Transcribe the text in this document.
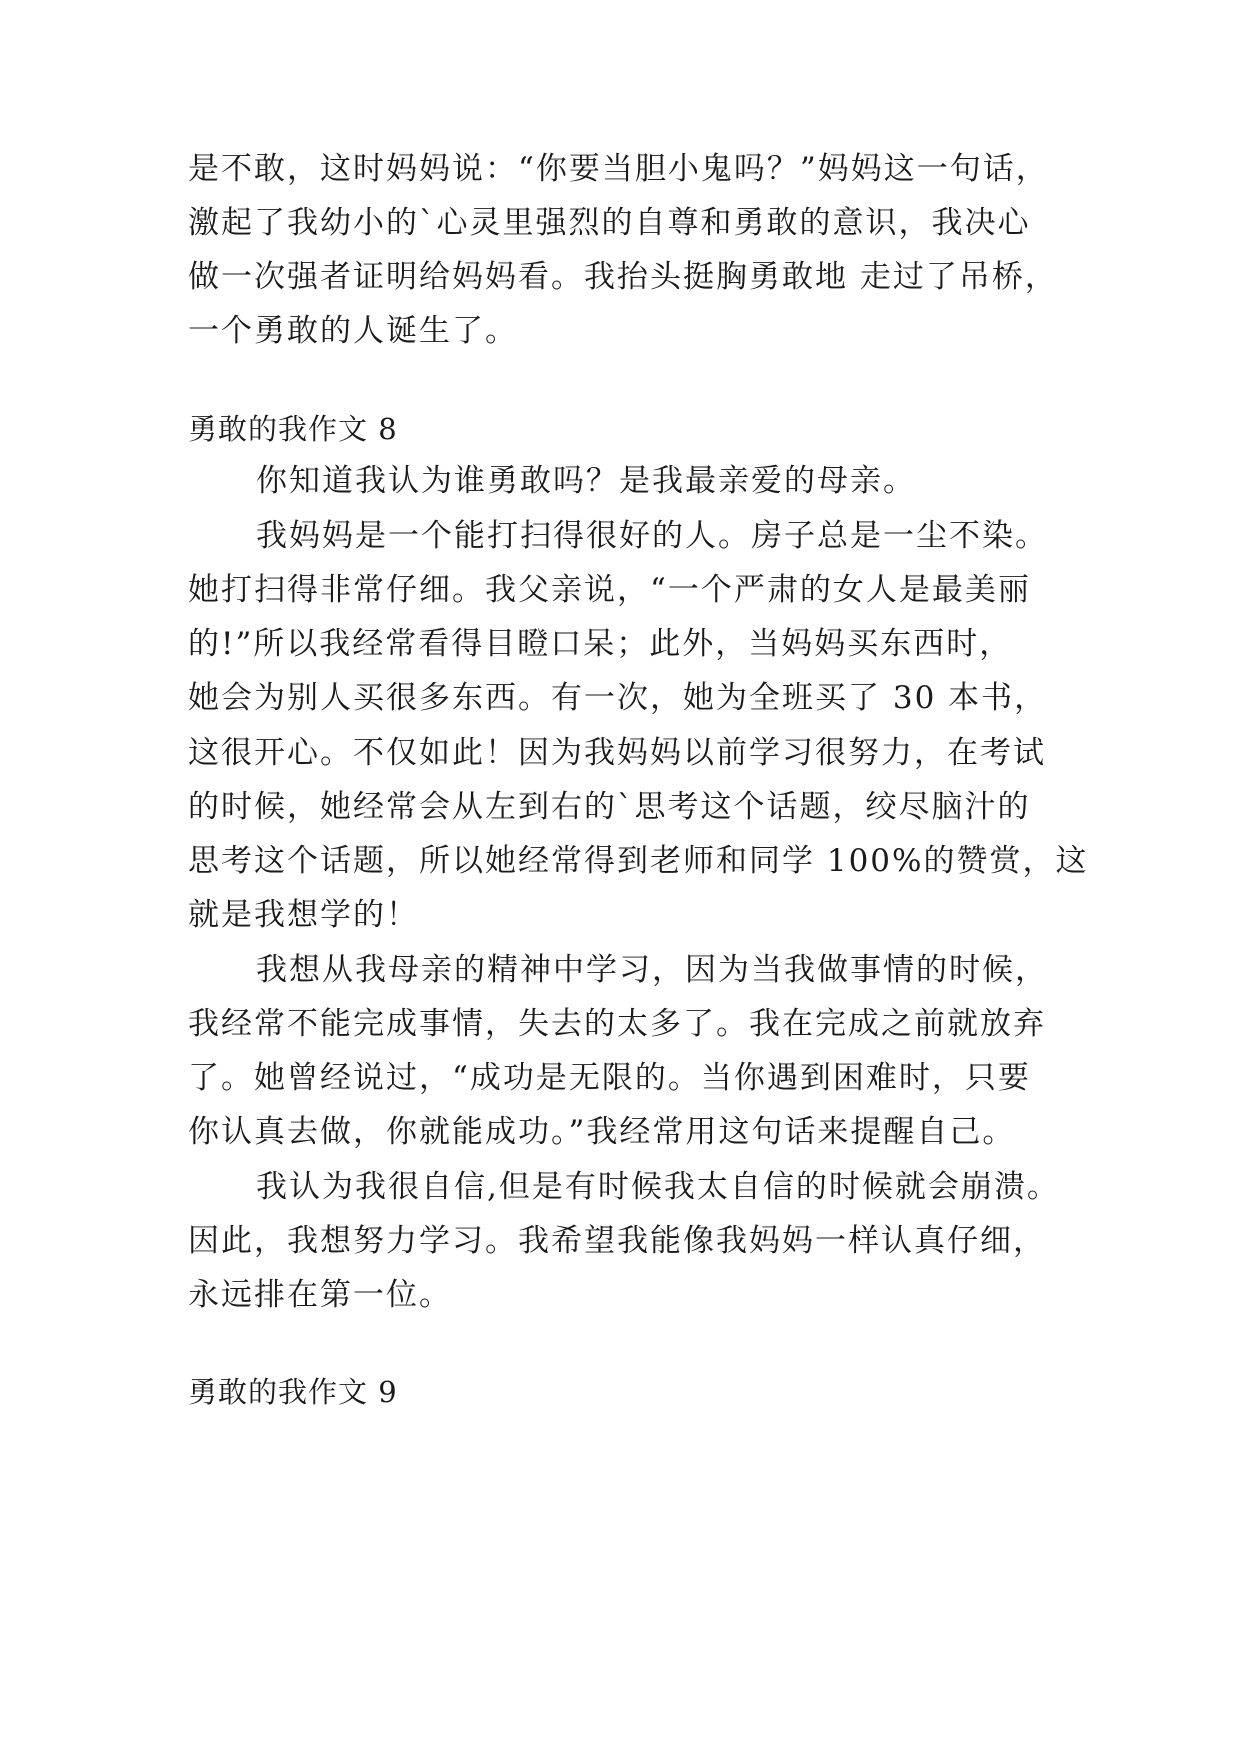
是不敢，这时妈妈说：“你要当胆小鬼吗？”妈妈这一句话，
激起了我幼小的`心灵里强烈的自尊和勇敢的意识，我决心
做一次强者证明给妈妈看。我抬头挺胸勇敢地 走过了吊桥，
一个勇敢的人诞生了。
勇敢的我作文 8
你知道我认为谁勇敢吗？是我最亲爱的母亲。
我妈妈是一个能打扫得很好的人。房子总是一尘不染。
她打扫得非常仔细。我父亲说，“一个严肃的女人是最美丽
的!”所以我经常看得目瞪口呆；此外，当妈妈买东西时，
她会为别人买很多东西。有一次，她为全班买了 30 本书，
这很开心。不仅如此！因为我妈妈以前学习很努力，在考试
的时候，她经常会从左到右的`思考这个话题，绞尽脑汁的
思考这个话题，所以她经常得到老师和同学 100%的赞赏，这
就是我想学的！
我想从我母亲的精神中学习，因为当我做事情的时候，
我经常不能完成事情，失去的太多了。我在完成之前就放弃
了。她曾经说过，“成功是无限的。当你遇到困难时，只要
你认真去做，你就能成功。”我经常用这句话来提醒自己。
我认为我很自信,但是有时候我太自信的时候就会崩溃。
因此，我想努力学习。我希望我能像我妈妈一样认真仔细，
永远排在第一位。
勇敢的我作文 9
